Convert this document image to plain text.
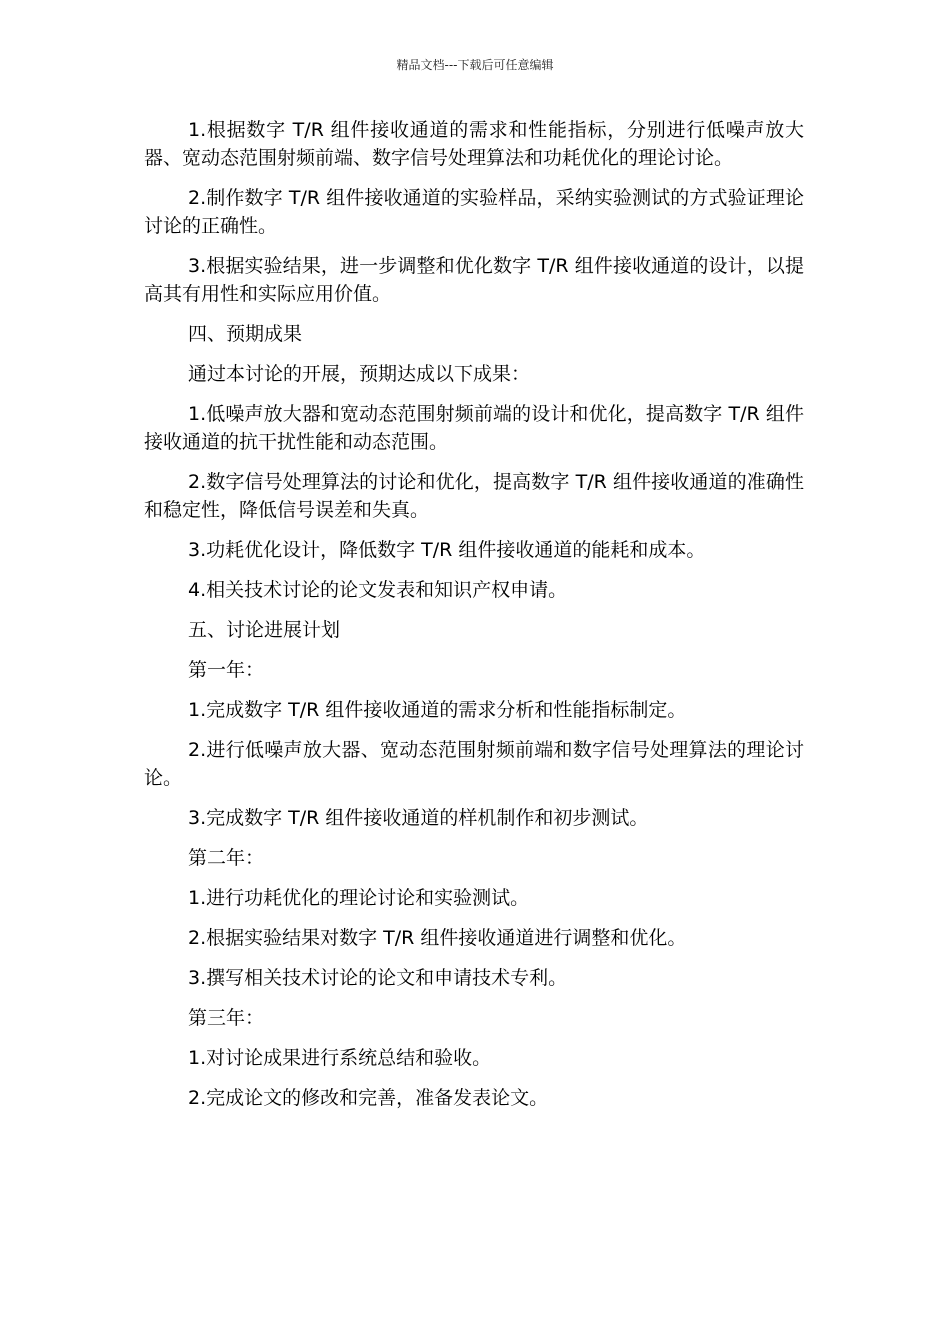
精品文档---下载后可任意编辑

1.根据数字 T/R 组件接收通道的需求和性能指标，分别进行低噪声放大器、宽动态范围射频前端、数字信号处理算法和功耗优化的理论讨论。

2.制作数字 T/R 组件接收通道的实验样品，采纳实验测试的方式验证理论讨论的正确性。

3.根据实验结果，进一步调整和优化数字 T/R 组件接收通道的设计，以提高其有用性和实际应用价值。

四、预期成果

通过本讨论的开展，预期达成以下成果：

1.低噪声放大器和宽动态范围射频前端的设计和优化，提高数字 T/R 组件接收通道的抗干扰性能和动态范围。

2.数字信号处理算法的讨论和优化，提高数字 T/R 组件接收通道的准确性和稳定性，降低信号误差和失真。

3.功耗优化设计，降低数字 T/R 组件接收通道的能耗和成本。

4.相关技术讨论的论文发表和知识产权申请。

五、讨论进展计划

第一年：

1.完成数字 T/R 组件接收通道的需求分析和性能指标制定。

2.进行低噪声放大器、宽动态范围射频前端和数字信号处理算法的理论讨论。

3.完成数字 T/R 组件接收通道的样机制作和初步测试。

第二年：

1.进行功耗优化的理论讨论和实验测试。

2.根据实验结果对数字 T/R 组件接收通道进行调整和优化。

3.撰写相关技术讨论的论文和申请技术专利。

第三年：

1.对讨论成果进行系统总结和验收。

2.完成论文的修改和完善，准备发表论文。
